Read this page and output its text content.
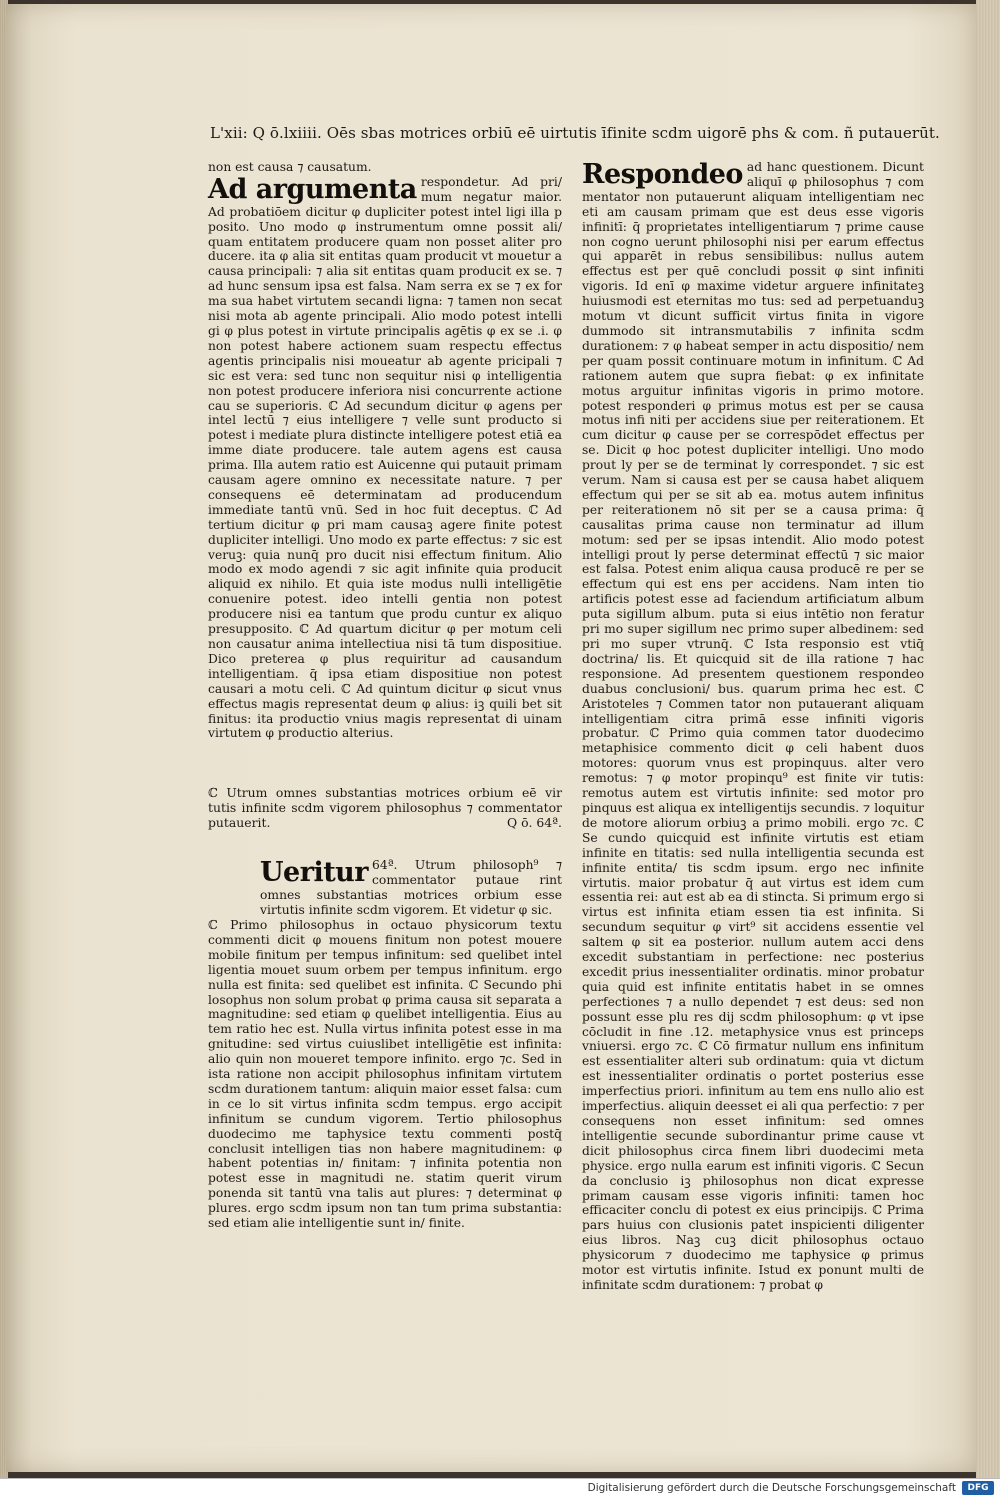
L'xii: Q ō.lxiiii. Oēs sbas motrices orbiū eē uirtutis īfinite scdm uigorē phs & com. ñ putauerūt.

non est causa ⁊ causatum.

Ad argumenta respondetur. Ad pri/ mum negatur maior. Ad probatiōem dicitur φ dupliciter potest intel ligi illa p posito. Uno modo φ instrumentum omne possit ali/ quam entitatem producere quam non posset aliter pro ducere. ita φ alia sit entitas quam producit vt mouetur a causa principali: ⁊ alia sit entitas quam producit ex se. ⁊ ad hunc sensum ipsa est falsa. Nam serra ex se ⁊ ex for ma sua habet virtutem secandi ligna: ⁊ tamen non secat nisi mota ab agente principali. Alio modo potest intelli gi φ plus potest in virtute principalis agētis φ ex se .i. φ non potest habere actionem suam respectu effectus agentis principalis nisi moueatur ab agente pricipali ⁊ sic est vera: sed tunc non sequitur nisi φ intelligentia non potest producere inferiora nisi concurrente actione cau se superioris. ℂ Ad secundum dicitur φ agens per intel lectū ⁊ eius intelligere ⁊ velle sunt producto si potest i mediate plura distincte intelligere potest etiā ea imme diate producere. tale autem agens est causa prima. Illa autem ratio est Auicenne qui putauit primam causam agere omnino ex necessitate nature. ⁊ per consequens eē determinatam ad producendum immediate tantū vnū. Sed in hoc fuit deceptus. ℂ Ad tertium dicitur φ pri mam causaꝫ agere finite potest dupliciter intelligi. Uno modo ex parte effectus: ⁊ sic est veruꝫ: quia nunq̄ pro ducit nisi effectum finitum. Alio modo ex modo agendi ⁊ sic agit infinite quia producit aliquid ex nihilo. Et quia iste modus nulli intelligētie conuenire potest. ideo intelli gentia non potest producere nisi ea tantum que produ cuntur ex aliquo presupposito. ℂ Ad quartum dicitur φ per motum celi non causatur anima intellectiua nisi tā tum dispositiue. Dico preterea φ plus requiritur ad causandum intelligentiam. q̄ ipsa etiam dispositiue non potest causari a motu celi. ℂ Ad quintum dicitur φ sicut vnus effectus magis representat deum φ alius: iꝫ quili bet sit finitus: ita productio vnius magis representat di uinam virtutem φ productio alterius.

ℂ Utrum omnes substantias motrices orbium eē vir tutis infinite scdm vigorem philosophus ⁊ commentator putauerit.	Q ō. 64ª.

Ueritur 64ª. Utrum philosoph⁹ ⁊ commentator putaue rint omnes substantias motrices orbium esse virtutis infinite scdm vigorem. Et videtur φ sic.

ℂ Primo philosophus in octauo physicorum textu commenti dicit φ mouens finitum non potest mouere mobile finitum per tempus infinitum: sed quelibet intel ligentia mouet suum orbem per tempus infinitum. ergo nulla est finita: sed quelibet est infinita. ℂ Secundo phi losophus non solum probat φ prima causa sit separata a magnitudine: sed etiam φ quelibet intelligentia. Eius au tem ratio hec est. Nulla virtus infinita potest esse in ma gnitudine: sed virtus cuiuslibet intelligētie est infinita: alio quin non moueret tempore infinito. ergo ⁊c. Sed in ista ratione non accipit philosophus infinitam virtutem scdm durationem tantum: aliquin maior esset falsa: cum in ce lo sit virtus infinita scdm tempus. ergo accipit infinitum se cundum vigorem. Tertio philosophus duodecimo me taphysice textu commenti postq̄ conclusit intelligen tias non habere magnitudinem: φ habent potentias in/ finitam: ⁊ infinita potentia non potest esse in magnitudi ne. statim querit virum ponenda sit tantū vna talis aut plures: ⁊ determinat φ plures. ergo scdm ipsum non tan tum prima substantia: sed etiam alie intelligentie sunt in/ finite.

Respondeo ad hanc questionem. Dicunt aliquī φ philosophus ⁊ com mentator non putauerunt aliquam intelligentiam nec eti am causam primam que est deus esse vigoris infinitī: q̄ proprietates intelligentiarum ⁊ prime cause non cogno uerunt philosophi nisi per earum effectus qui apparēt in rebus sensibilibus: nullus autem effectus est per quē concludi possit φ sint infiniti vigoris. Id enī φ maxime videtur arguere infinitateꝫ huiusmodi est eternitas mo tus: sed ad perpetuanduꝫ motum vt dicunt sufficit virtus finita in vigore dummodo sit intransmutabilis ⁊ infinita scdm durationem: ⁊ φ habeat semper in actu dispositio/ nem per quam possit continuare motum in infinitum. ℂ Ad rationem autem que supra fiebat: φ ex infinitate motus arguitur infinitas vigoris in primo motore. potest responderi φ primus motus est per se causa motus infi niti per accidens siue per reiterationem. Et cum dicitur φ cause per se correspōdet effectus per se. Dicit φ hoc potest dupliciter intelligi. Uno modo prout ly per se de terminat ly correspondet. ⁊ sic est verum. Nam si causa est per se causa habet aliquem effectum qui per se sit ab ea. motus autem infinitus per reiterationem nō sit per se a causa prima: q̄ causalitas prima cause non terminatur ad illum motum: sed per se ipsas intendit. Alio modo potest intelligi prout ly perse determinat effectū ⁊ sic maior est falsa. Potest enim aliqua causa producē re per se effectum qui est ens per accidens. Nam inten tio artificis potest esse ad faciendum artificiatum album puta sigillum album. puta si eius intētio non feratur pri mo super sigillum nec primo super albedinem: sed pri mo super vtrunq̄. ℂ Ista responsio est vtiq̄ doctrina/ lis. Et quicquid sit de illa ratione ⁊ hac responsione. Ad presentem questionem respondeo duabus conclusioni/ bus. quarum prima hec est. ℂ Aristoteles ⁊ Commen tator non putauerant aliquam intelligentiam citra primā esse infiniti vigoris probatur. ℂ Primo quia commen tator duodecimo metaphisice commento dicit φ celi habent duos motores: quorum vnus est propinquus. alter vero remotus: ⁊ φ motor propinqu⁹ est finite vir tutis: remotus autem est virtutis infinite: sed motor pro pinquus est aliqua ex intelligentijs secundis. ⁊ loquitur de motore aliorum orbiuꝫ a primo mobili. ergo ⁊c. ℂ Se cundo quicquid est infinite virtutis est etiam infinite en titatis: sed nulla intelligentia secunda est infinite entita/ tis scdm ipsum. ergo nec infinite virtutis. maior probatur q̄ aut virtus est idem cum essentia rei: aut est ab ea di stincta. Si primum ergo si virtus est infinita etiam essen tia est infinita. Si secundum sequitur φ virt⁹ sit accidens essentie vel saltem φ sit ea posterior. nullum autem acci dens excedit substantiam in perfectione: nec posterius excedit prius inessentialiter ordinatis. minor probatur quia quid est infinite entitatis habet in se omnes perfectiones ⁊ a nullo dependet ⁊ est deus: sed non possunt esse plu res dij scdm philosophum: φ vt ipse cōcludit in fine .12. metaphysice vnus est princeps vniuersi. ergo ⁊c. ℂ Cō firmatur nullum ens infinitum est essentialiter alteri sub ordinatum: quia vt dictum est inessentialiter ordinatis o portet posterius esse imperfectius priori. infinitum au tem ens nullo alio est imperfectius. aliquin deesset ei ali qua perfectio: ⁊ per consequens non esset infinitum: sed omnes intelligentie secunde subordinantur prime cause vt dicit philosophus circa finem libri duodecimi meta physice. ergo nulla earum est infiniti vigoris. ℂ Secun da conclusio iꝫ philosophus non dicat expresse primam causam esse vigoris infiniti: tamen hoc efficaciter conclu di potest ex eius principijs. ℂ Prima pars huius con clusionis patet inspicienti diligenter eius libros. Naꝫ cuꝫ dicit philosophus octauo physicorum ⁊ duodecimo me taphysice φ primus motor est virtutis infinite. Istud ex ponunt multi de infinitate scdm durationem: ⁊ probat φ

Digitalisierung gefördert durch die Deutsche Forschungsgemeinschaft	DFG
